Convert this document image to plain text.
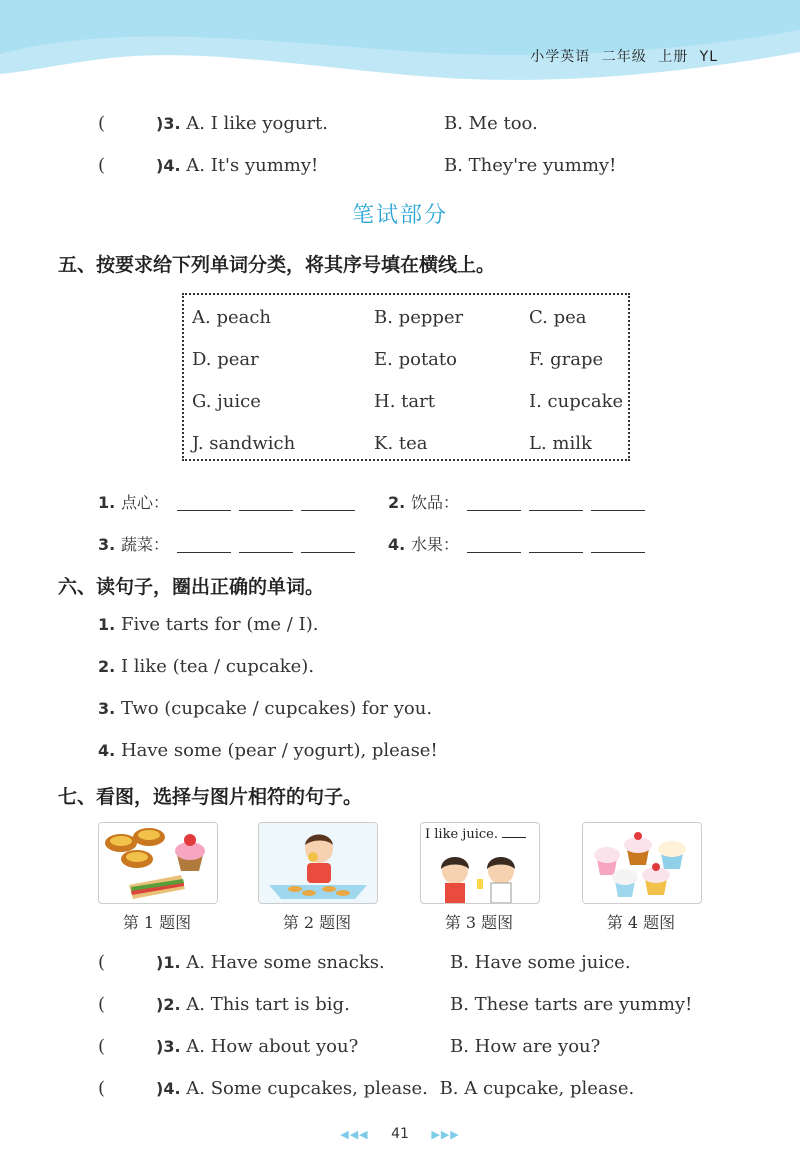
小学英语 二年级 上册 YL
(	)3. A. I like yogurt.	B. Me too.
(	)4. A. It's yummy!	B. They're yummy!
笔试部分
五、按要求给下列单词分类，将其序号填在横线上。
A. peach	B. pepper	C. pea
D. pear	E. potato	F. grape
G. juice	H. tart	I. cupcake
J. sandwich	K. tea	L. milk
1. 点心：	2. 饮品：
3. 蔬菜：	4. 水果：
六、读句子，圈出正确的单词。
1. Five tarts for (me / I).
2. I like (tea / cupcake).
3. Two (cupcake / cupcakes) for you.
4. Have some (pear / yogurt), please!
七、看图，选择与图片相符的句子。
第 1 题图	第 2 题图
I like juice.
第 3 题图	第 4 题图
(	)1. A. Have some snacks.	B. Have some juice.
(	)2. A. This tart is big.	B. These tarts are yummy!
(	)3. A. How about you?	B. How are you?
(	)4. A. Some cupcakes, please. B. A cupcake, please.
◀◀◀ 41 ▶▶▶
